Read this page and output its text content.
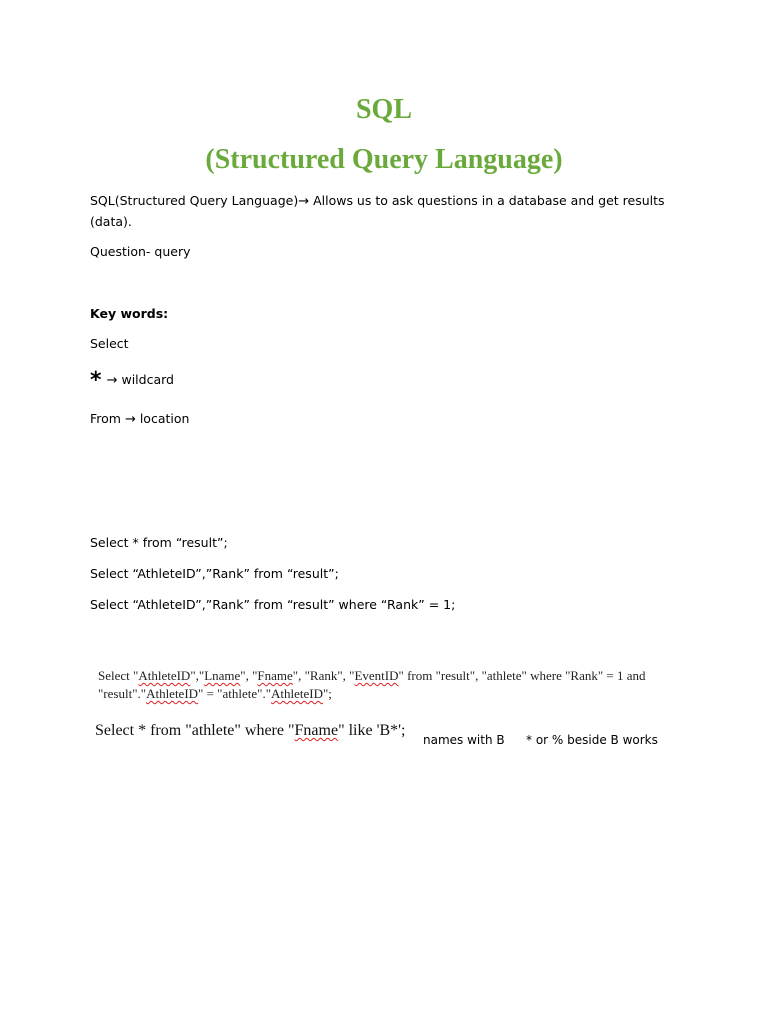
SQL
(Structured Query Language)
SQL(Structured Query Language)→ Allows us to ask questions in a database and get results (data).
Question- query
Key words:
Select
* → wildcard
From → location
Select * from “result”;
Select “AthleteID”,”Rank” from “result”;
Select “AthleteID”,”Rank” from “result” where “Rank” = 1;
Select "AthleteID","Lname", "Fname", "Rank", "EventID" from "result", "athlete" where "Rank" = 1 and "result"."AthleteID" = "athlete"."AthleteID";
Select * from "athlete" where "Fname" like 'B*';
names with B * or % beside B works
